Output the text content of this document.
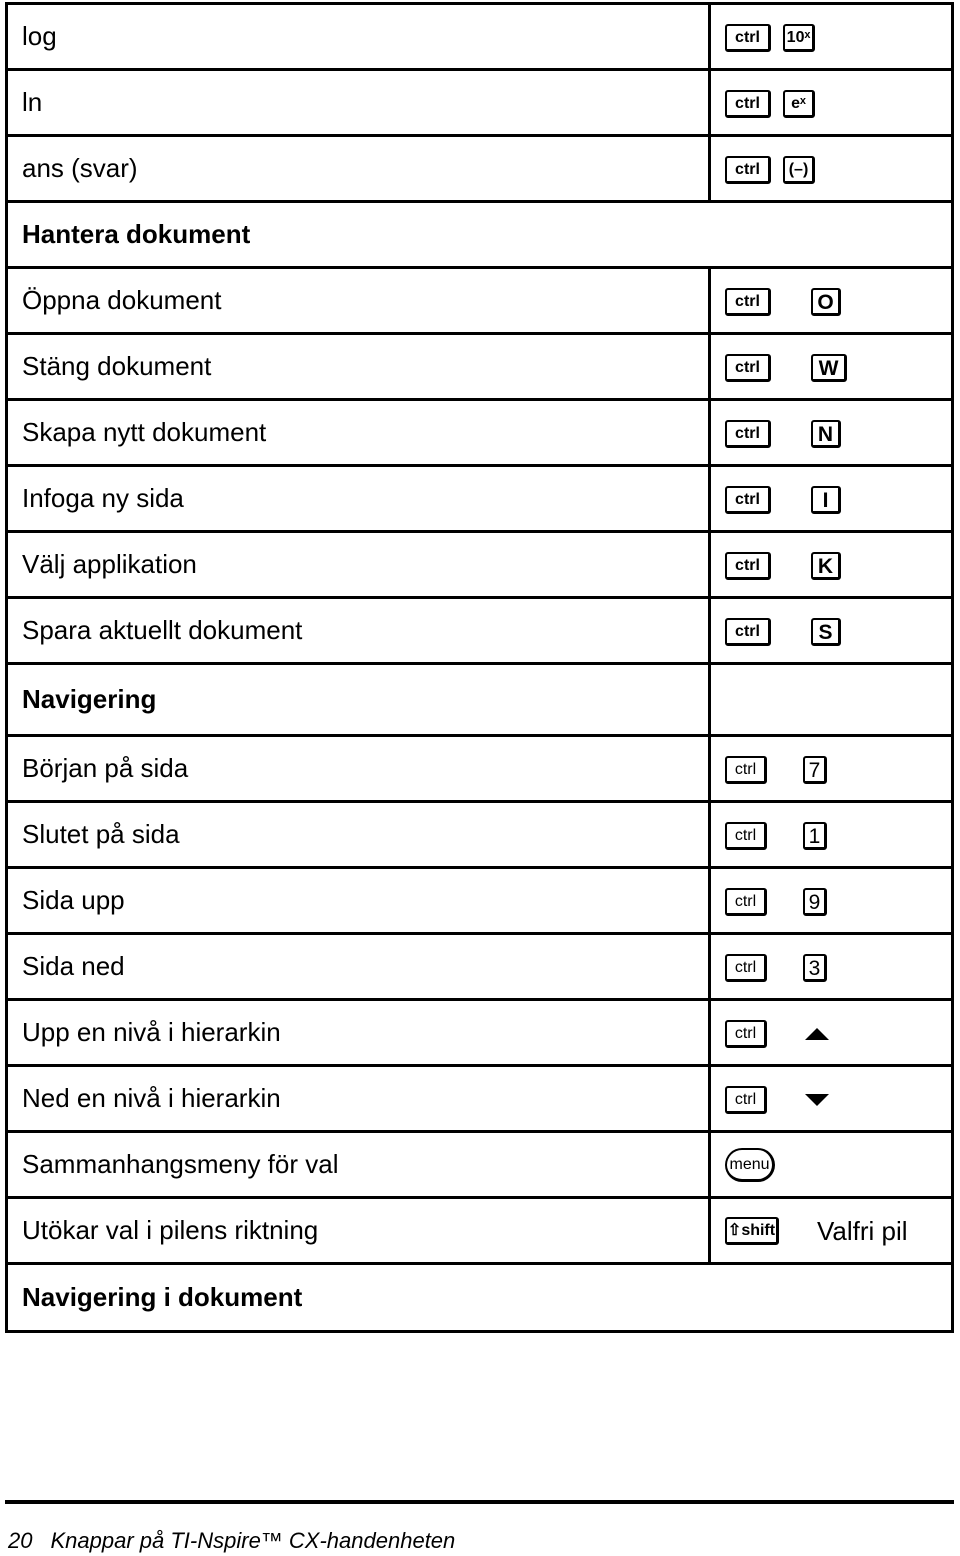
log	ctrl 10ˣ
ln	ctrl eˣ
ans (svar)	ctrl (–)
Hantera dokument	
Öppna dokument	ctrl O
Stäng dokument	ctrl W
Skapa nytt dokument	ctrl N
Infoga ny sida	ctrl I
Välj applikation	ctrl K
Spara aktuellt dokument	ctrl S
Navigering	
Början på sida	ctrl 7
Slutet på sida	ctrl 1
Sida upp	ctrl 9
Sida ned	ctrl 3
Upp en nivå i hierarkin	ctrl
Ned en nivå i hierarkin	ctrl
Sammanhangsmeny för val	menu
Utökar val i pilens riktning	⇧shift Valfri pil
Navigering i dokument	
20 Knappar på TI-Nspire™ CX-handenheten
